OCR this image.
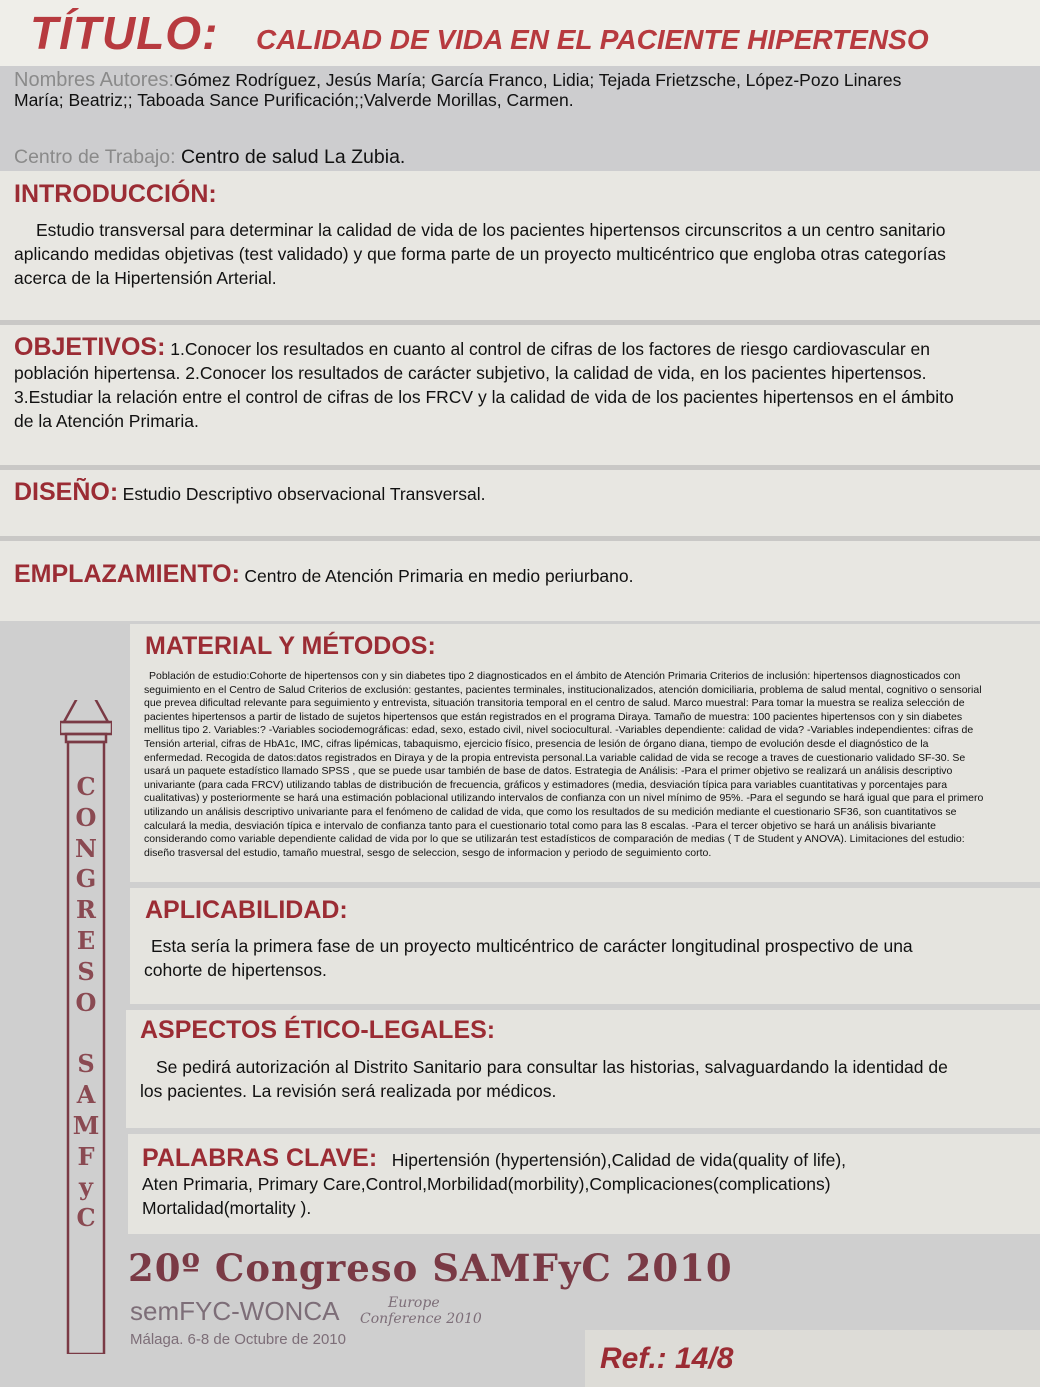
TÍTULO: CALIDAD DE VIDA EN EL PACIENTE HIPERTENSO
Nombres Autores:Gómez Rodríguez, Jesús María; García Franco, Lidia; Tejada Frietzsche, López-Pozo Linares
María; Beatriz;; Taboada Sance Purificación;;Valverde Morillas, Carmen.
Centro de Trabajo: Centro de salud La Zubia.
INTRODUCCIÓN:
Estudio transversal para determinar la calidad de vida de los pacientes hipertensos circunscritos a un centro sanitario
aplicando medidas objetivas (test validado) y que forma parte de un proyecto multicéntrico que engloba otras categorías
acerca de la Hipertensión Arterial.
OBJETIVOS: 1.Conocer los resultados en cuanto al control de cifras de los factores de riesgo cardiovascular en
población hipertensa. 2.Conocer los resultados de carácter subjetivo, la calidad de vida, en los pacientes hipertensos.
3.Estudiar la relación entre el control de cifras de los FRCV y la calidad de vida de los pacientes hipertensos en el ámbito
de la Atención Primaria.
DISEÑO: Estudio Descriptivo observacional Transversal.
EMPLAZAMIENTO: Centro de Atención Primaria en medio periurbano.
C
O
N
G
R
E
S
O
S
A
M
F
y
C
MATERIAL Y MÉTODOS:
Población de estudio:Cohorte de hipertensos con y sin diabetes tipo 2 diagnosticados en el ámbito de Atención Primaria Criterios de inclusión: hipertensos diagnosticados con
seguimiento en el Centro de Salud Criterios de exclusión: gestantes, pacientes terminales, institucionalizados, atención domiciliaria, problema de salud mental, cognitivo o sensorial
que prevea dificultad relevante para seguimiento y entrevista, situación transitoria temporal en el centro de salud. Marco muestral: Para tomar la muestra se realiza selección de
pacientes hipertensos a partir de listado de sujetos hipertensos que están registrados en el programa Diraya. Tamaño de muestra: 100 pacientes hipertensos con y sin diabetes
mellitus tipo 2. Variables:? -Variables sociodemográficas: edad, sexo, estado civil, nivel sociocultural. -Variables dependiente: calidad de vida? -Variables independientes: cifras de
Tensión arterial, cifras de HbA1c, IMC, cifras lipémicas, tabaquismo, ejercicio físico, presencia de lesión de órgano diana, tiempo de evolución desde el diagnóstico de la
enfermedad. Recogida de datos:datos registrados en Diraya y de la propia entrevista personal.La variable calidad de vida se recoge a traves de cuestionario validado SF-30. Se
usará un paquete estadístico llamado SPSS , que se puede usar también de base de datos. Estrategia de Análisis: -Para el primer objetivo se realizará un análisis descriptivo
univariante (para cada FRCV) utilizando tablas de distribución de frecuencia, gráficos y estimadores (media, desviación típica para variables cuantitativas y porcentajes para
cualitativas) y posteriormente se hará una estimación poblacional utilizando intervalos de confianza con un nivel mínimo de 95%. -Para el segundo se hará igual que para el primero
utilizando un análisis descriptivo univariante para el fenómeno de calidad de vida, que como los resultados de su medición mediante el cuestionario SF36, son cuantitativos se
calculará la media, desviación típica e intervalo de confianza tanto para el cuestionario total como para las 8 escalas. -Para el tercer objetivo se hará un análisis bivariante
considerando como variable dependiente calidad de vida por lo que se utilizarán test estadísticos de comparación de medias ( T de Student y ANOVA). Limitaciones del estudio:
diseño trasversal del estudio, tamaño muestral, sesgo de seleccion, sesgo de informacion y periodo de seguimiento corto.
APLICABILIDAD:
Esta sería la primera fase de un proyecto multicéntrico de carácter longitudinal prospectivo de una
cohorte de hipertensos.
ASPECTOS ÉTICO-LEGALES:
Se pedirá autorización al Distrito Sanitario para consultar las historias, salvaguardando la identidad de
los pacientes. La revisión será realizada por médicos.
PALABRAS CLAVE: Hipertensión (hypertensión),Calidad de vida(quality of life),
Aten Primaria, Primary Care,Control,Morbilidad(morbility),Complicaciones(complications)
Mortalidad(mortality ).
20º Congreso SAMFyC 2010
semFYC-WONCA	Europe
Conference 2010
Málaga. 6-8 de Octubre de 2010
Ref.: 14/8
